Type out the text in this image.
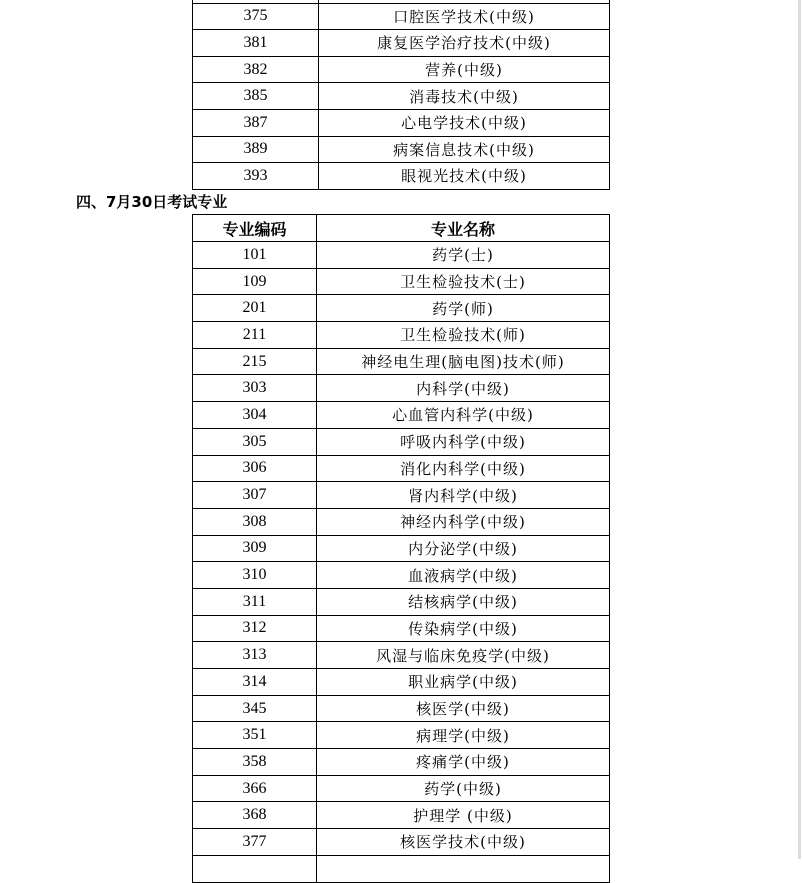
375	口腔医学技术(中级)
381	康复医学治疗技术(中级)
382	营养(中级)
385	消毒技术(中级)
387	心电学技术(中级)
389	病案信息技术(中级)
393	眼视光技术(中级)
四、7月30日考试专业
专业编码	专业名称
101	药学(士)
109	卫生检验技术(士)
201	药学(师)
211	卫生检验技术(师)
215	神经电生理(脑电图)技术(师)
303	内科学(中级)
304	心血管内科学(中级)
305	呼吸内科学(中级)
306	消化内科学(中级)
307	肾内科学(中级)
308	神经内科学(中级)
309	内分泌学(中级)
310	血液病学(中级)
311	结核病学(中级)
312	传染病学(中级)
313	风湿与临床免疫学(中级)
314	职业病学(中级)
345	核医学(中级)
351	病理学(中级)
358	疼痛学(中级)
366	药学(中级)
368	护理学 (中级)
377	核医学技术(中级)
